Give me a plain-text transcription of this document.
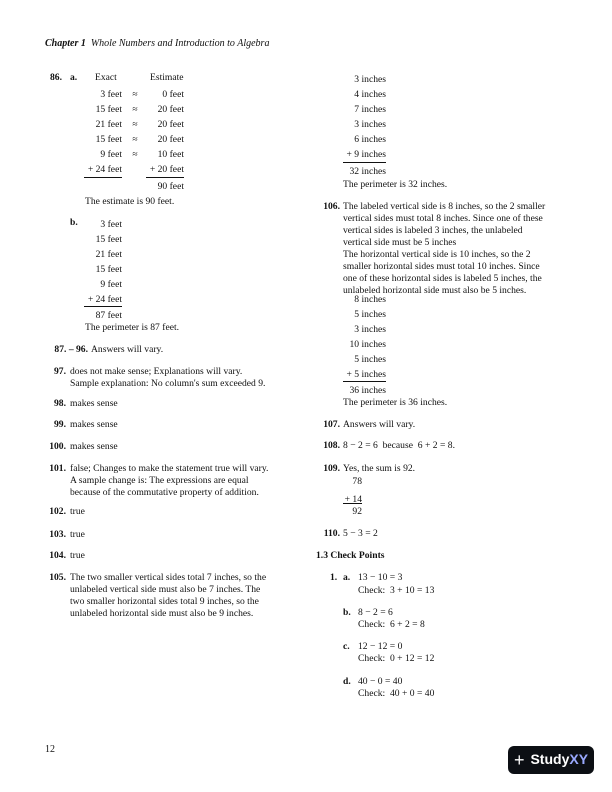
Chapter 1 Whole Numbers and Introduction to Algebra
86. a. Exact	Estimate
3 feet
15 feet
21 feet
15 feet
9 feet
+ 24 feet
≈
≈
≈
≈
≈
0 feet
20 feet
20 feet
20 feet
10 feet
+ 20 feet
90 feet
The estimate is 90 feet.
b.	3 feet
15 feet
21 feet
15 feet
9 feet
+ 24 feet
87 feet
The perimeter is 87 feet.
87. – 96. Answers will vary.
97. does not make sense; Explanations will vary.
Sample explanation: No column's sum exceeded 9.
98. makes sense
99. makes sense
100. makes sense
101. false; Changes to make the statement true will vary.
A sample change is: The expressions are equal
because of the commutative property of addition.
102. true
103. true
104. true
105. The two smaller vertical sides total 7 inches, so the
unlabeled vertical side must also be 7 inches. The
two smaller horizontal sides total 9 inches, so the
unlabeled horizontal side must also be 9 inches.
3 inches
4 inches
7 inches
3 inches
6 inches
+ 9 inches
32 inches
The perimeter is 32 inches.
106. The labeled vertical side is 8 inches, so the 2 smaller
vertical sides must total 8 inches. Since one of these
vertical sides is labeled 3 inches, the unlabeled
vertical side must be 5 inches
The horizontal vertical side is 10 inches, so the 2
smaller horizontal sides must total 10 inches. Since
one of these horizontal sides is labeled 5 inches, the
unlabeled horizontal side must also be 5 inches.
8 inches
5 inches
3 inches
10 inches
5 inches
+ 5 inches
36 inches
The perimeter is 36 inches.
107. Answers will vary.
108. 8 − 2 = 6  because  6 + 2 = 8.
109. Yes, the sum is 92.
78
+ 14
92
110. 5 − 3 = 2
1.3 Check Points
1. a. 13 − 10 = 3
Check:  3 + 10 = 13
b. 8 − 2 = 6
Check:  6 + 2 = 8
c. 12 − 12 = 0
Check:  0 + 12 = 12
d. 40 − 0 = 40
Check:  40 + 0 = 40
12
+ Study XY
